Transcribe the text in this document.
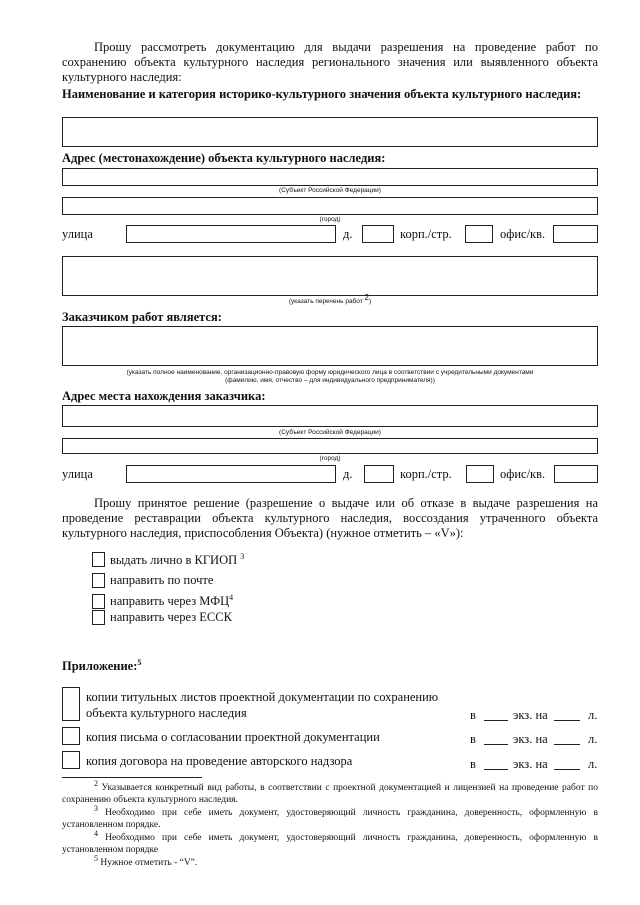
Прошу рассмотреть документацию для выдачи разрешения на проведение работ по сохранению объекта культурного наследия регионального значения или выявленного объекта культурного наследия:
Наименование и категория историко-культурного значения объекта культурного наследия:
Адрес (местонахождение) объекта культурного наследия:
(Субъект Российской Федерации)
(город)
улица	д.	корп./стр.	офис/кв.
(указать перечень работ 2)
Заказчиком работ является:
(указать полное наименование, организационно-правовую форму юридического лица в соответствии с учредительными документами
(фамилию, имя, отчество – для индивидуального предпринимателя))
Адрес места нахождения заказчика:
(Субъект Российской Федерации)
(город)
улица	д.	корп./стр.	офис/кв.
Прошу принятое решение (разрешение о выдаче или об отказе в выдаче разрешения на проведение реставрации объекта культурного наследия, воссоздания утраченного объекта культурного наследия, приспособления Объекта) (нужное отметить – «V»):
выдать лично в КГИОП $^3$
направить по почте
направить через МФЦ$^4$
направить через ЕССК
Приложение:$^5$
копии титульных листов проектной документации по сохранению
объекта культурного наследия	в	экз. на	л.
копия письма о согласовании проектной документации	в	экз. на	л.
копия договора на проведение авторского надзора	в	экз. на	л.
$^2$ Указывается конкретный вид работы, в соответствии с проектной документацией и лицензией на проведение работ по сохранению объекта культурного наследия.
$^3$ Необходимо при себе иметь документ, удостоверяющий личность гражданина, доверенность, оформленную в установленном порядке.
$^4$ Необходимо при себе иметь документ, удостоверяющий личность гражданина, доверенность, оформленную в установленном порядке
$^5$ Нужное отметить - “V”.
